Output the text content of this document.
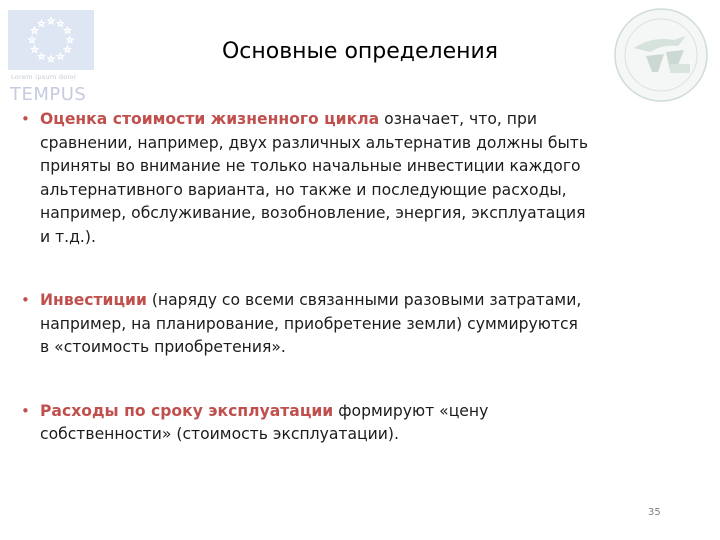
Lorem ipsum dolor
TEMPUS
Основные определения
• Оценка стоимости жизненного цикла означает, что, при
сравнении, например, двух различных альтернатив должны быть
приняты во внимание не только начальные инвестиции каждого
альтернативного варианта, но также и последующие расходы,
например, обслуживание, возобновление, энергия, эксплуатация
и т.д.).
• Инвестиции (наряду со всеми связанными разовыми затратами,
например, на планирование, приобретение земли) суммируются
в «стоимость приобретения».
• Расходы по сроку эксплуатации формируют «цену
собственности» (стоимость эксплуатации).
35
